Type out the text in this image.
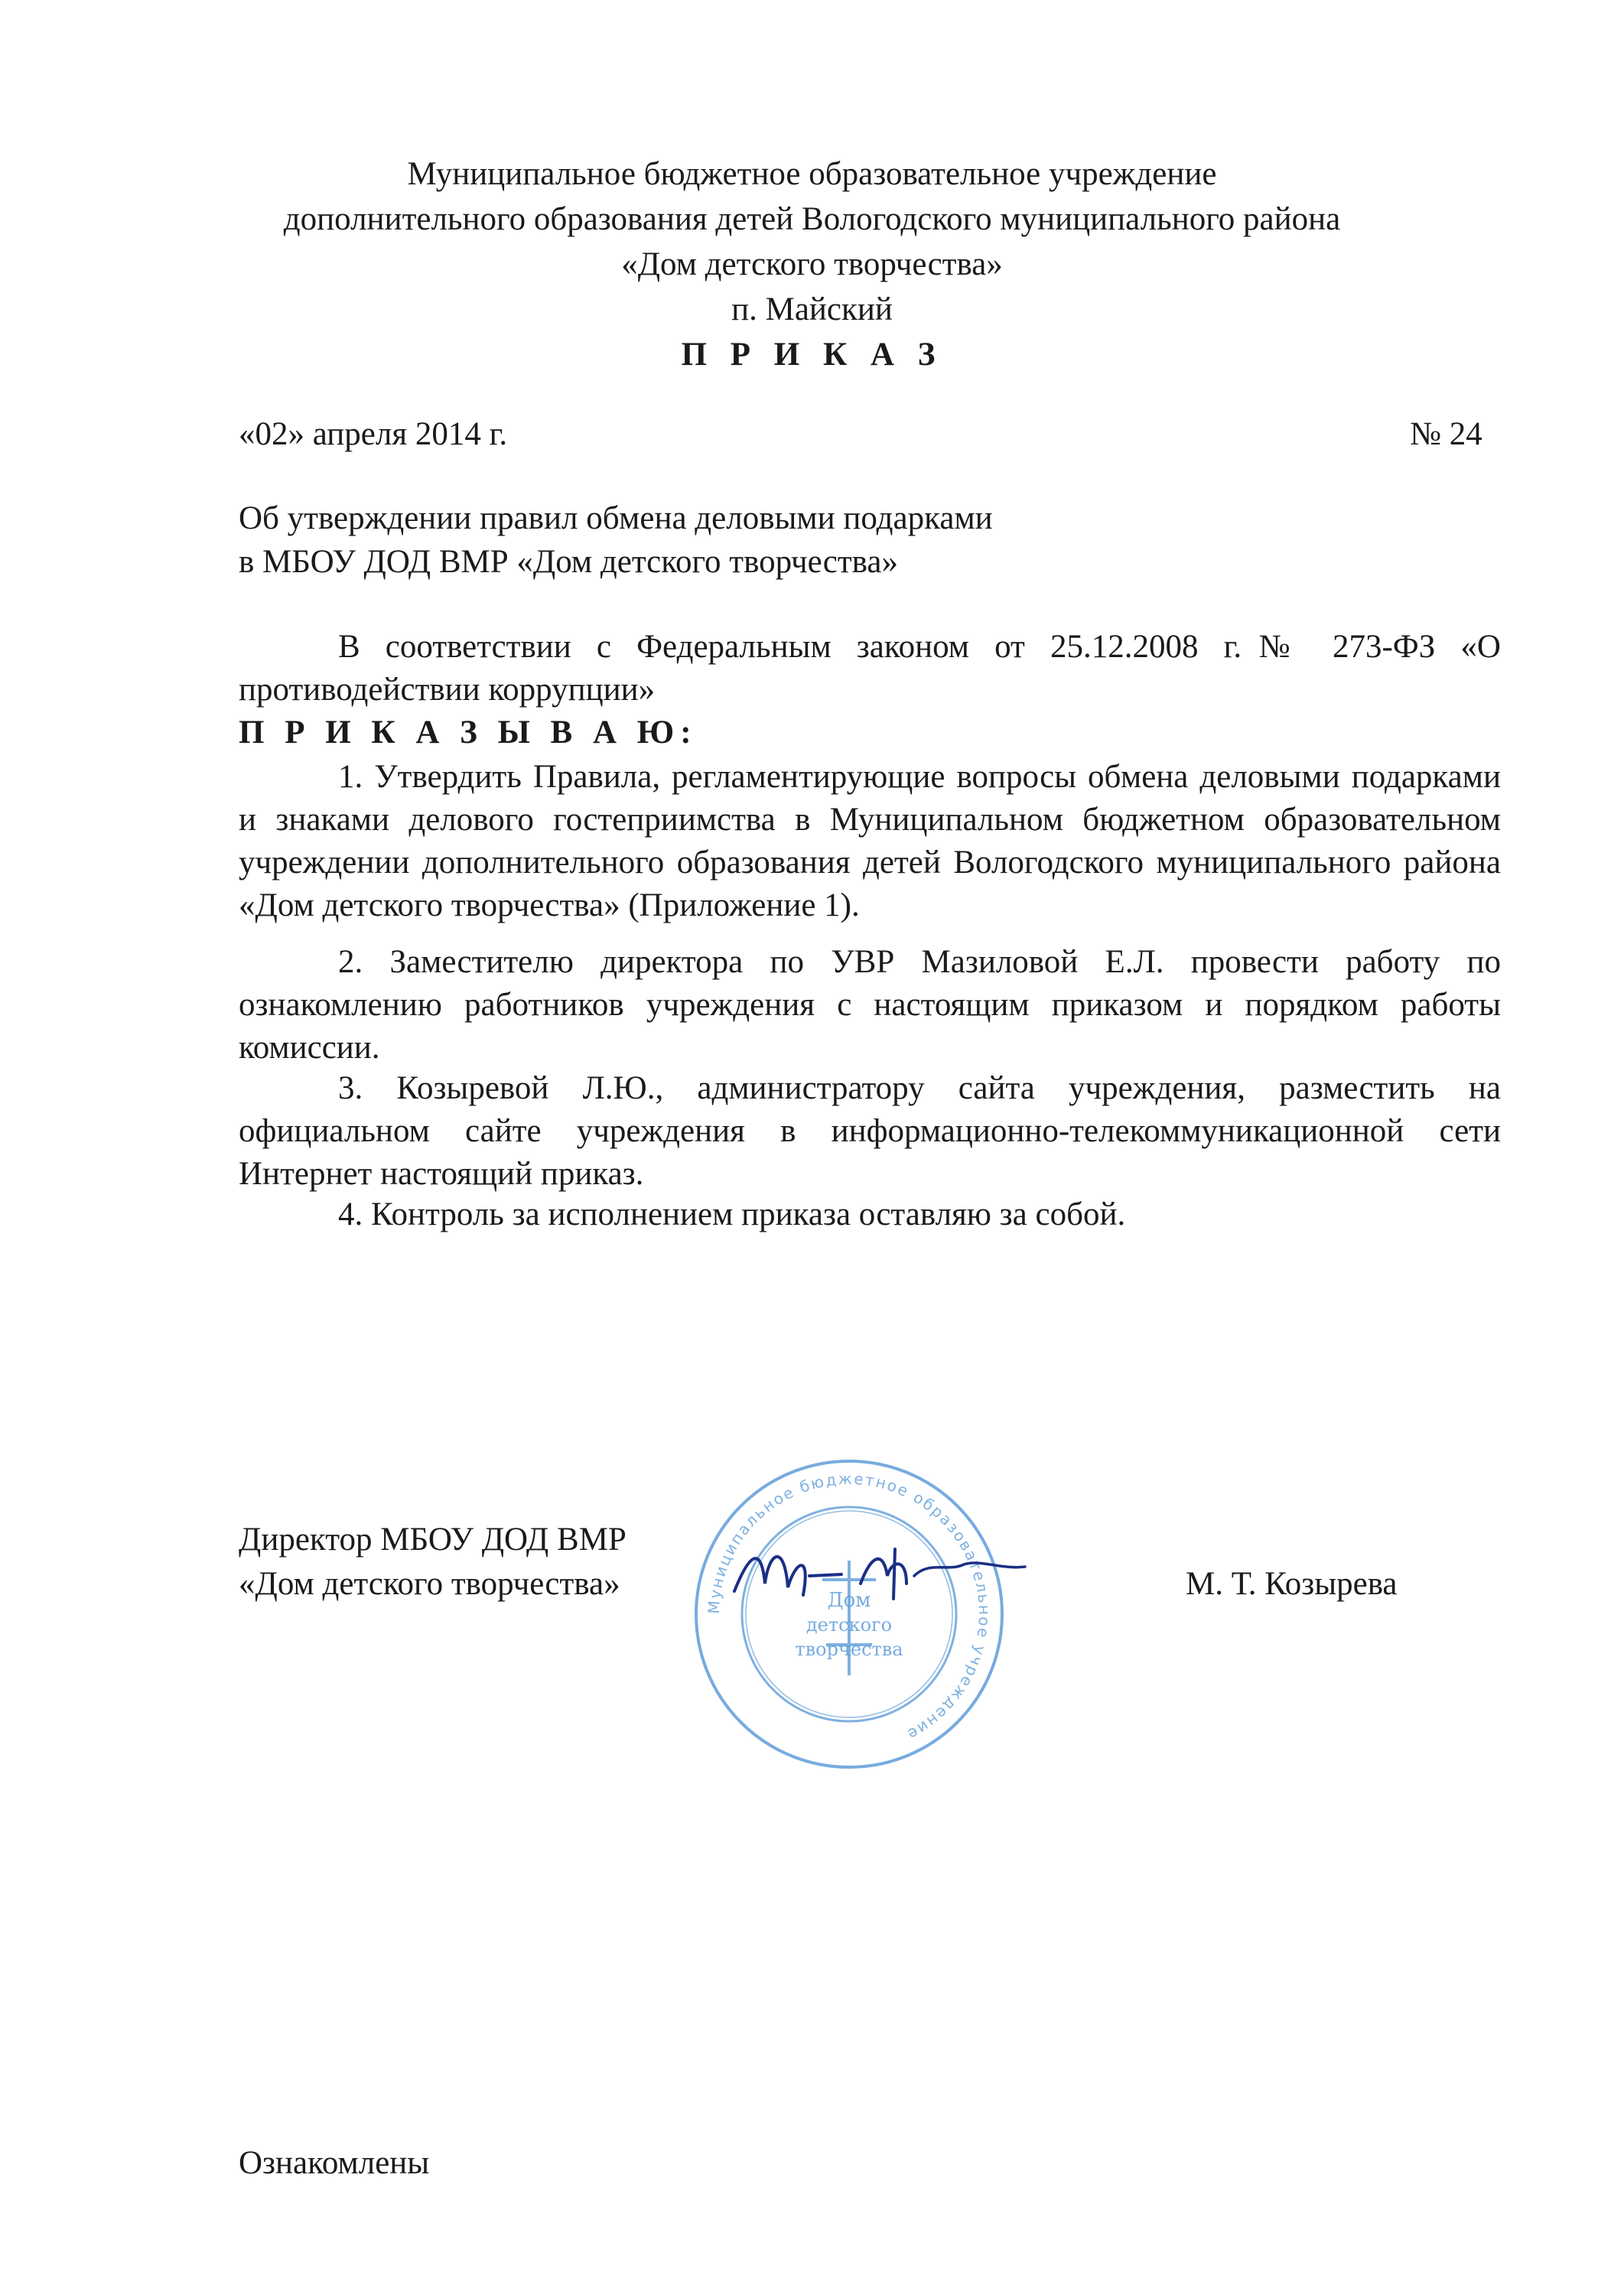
Муниципальное бюджетное образовательное учреждение
дополнительного образования детей Вологодского муниципального района
«Дом детского творчества»
п. Майский
П Р И К А З
«02» апреля 2014 г.	№ 24
Об утверждении правил обмена деловыми подарками
в МБОУ ДОД ВМР «Дом детского творчества»
В соответствии с Федеральным законом от 25.12.2008 г.№ 273-ФЗ «О противодействии коррупции»
П Р И К А З Ы В А Ю:
1. Утвердить Правила, регламентирующие вопросы обмена деловыми подарками и знаками делового гостеприимства в Муниципальном бюджетном образовательном учреждении дополнительного образования детей Вологодского муниципального района «Дом детского творчества» (Приложение 1).
2. Заместителю директора по УВР Мазиловой Е.Л. провести работу по ознакомлению работников учреждения с настоящим приказом и порядком работы комиссии.
3. Козыревой Л.Ю., администратору сайта учреждения, разместить на официальном сайте учреждения в информационно-телекоммуникационной сети Интернет настоящий приказ.
4. Контроль за исполнением приказа оставляю за собой.
Муниципальное бюджетное образовательное учреждение
Дом
детского
творчества
Директор МБОУ ДОД ВМР
«Дом детского творчества»	М. Т. Козырева
Ознакомлены
